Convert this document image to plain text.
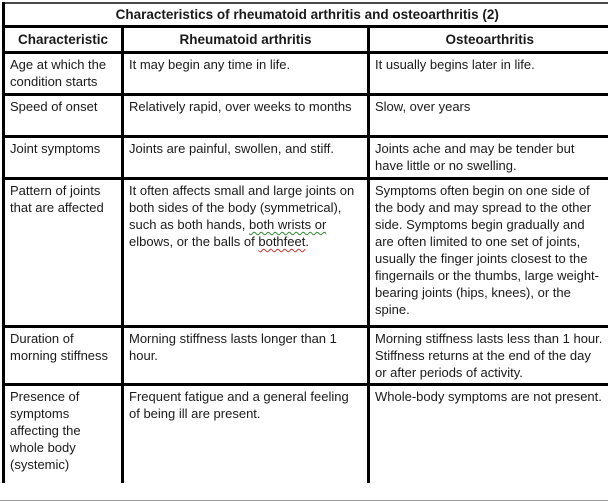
Characteristics of rheumatoid arthritis and osteoarthritis (2)		
Characteristic	Rheumatoid arthritis	Osteoarthritis
Age at which the condition starts	It may begin any time in life.	It usually begins later in life.
Speed of onset	Relatively rapid, over weeks to months	Slow, over years
Joint symptoms	Joints are painful, swollen, and stiff.	Joints ache and may be tender but have little or no swelling.
Pattern of joints that are affected	It often affects small and large joints on both sides of the body (symmetrical), such as both hands, both wrists or elbows, or the balls of bothfeet.	Symptoms often begin on one side of the body and may spread to the other side. Symptoms begin gradually and are often limited to one set of joints, usually the finger joints closest to the fingernails or the thumbs, large weight-bearing joints (hips, knees), or the spine.
Duration of morning stiffness	Morning stiffness lasts longer than 1 hour.	Morning stiffness lasts less than 1 hour. Stiffness returns at the end of the day or after periods of activity.
Presence of symptoms affecting the whole body (systemic)	Frequent fatigue and a general feeling of being ill are present.	Whole-body symptoms are not present.
